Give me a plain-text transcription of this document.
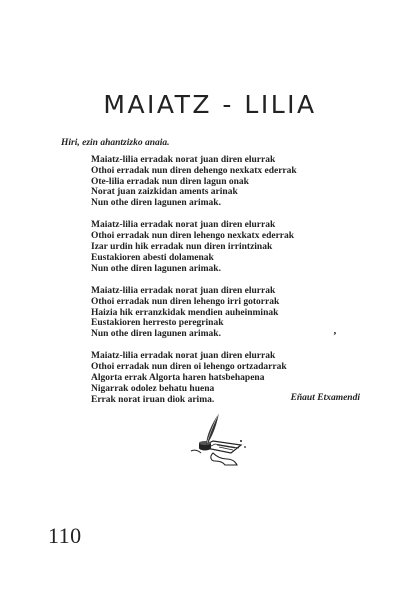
MAIATZ - LILIA
Hiri, ezin ahantzizko anaia.
Maiatz-lilia erradak norat juan diren elurrak
Othoi erradak nun diren dehengo nexkatx ederrak
Ote-lilia erradak nun diren lagun onak
Norat juan zaizkidan aments arinak
Nun othe diren lagunen arimak.
Maiatz-lilia erradak norat juan diren elurrak
Othoi erradak nun diren lehengo nexkatx ederrak
Izar urdin hik erradak nun diren irrintzinak
Eustakioren abesti dolamenak
Nun othe diren lagunen arimak.
Maiatz-lilia erradak norat juan diren elurrak
Othoi erradak nun diren lehengo irri gotorrak
Haizia hik erranzkidak mendien auheinminak
Eustakioren herresto peregrinak
Nun othe diren lagunen arimak.
Maiatz-lilia erradak norat juan diren elurrak
Othoi erradak nun diren oi lehengo ortzadarrak
Algorta errak Algorta haren hatsbehapena
Nigarrak odolez behatu huena
Errak norat iruan diok arima.
ʼ
Eñaut Etxamendi
110
